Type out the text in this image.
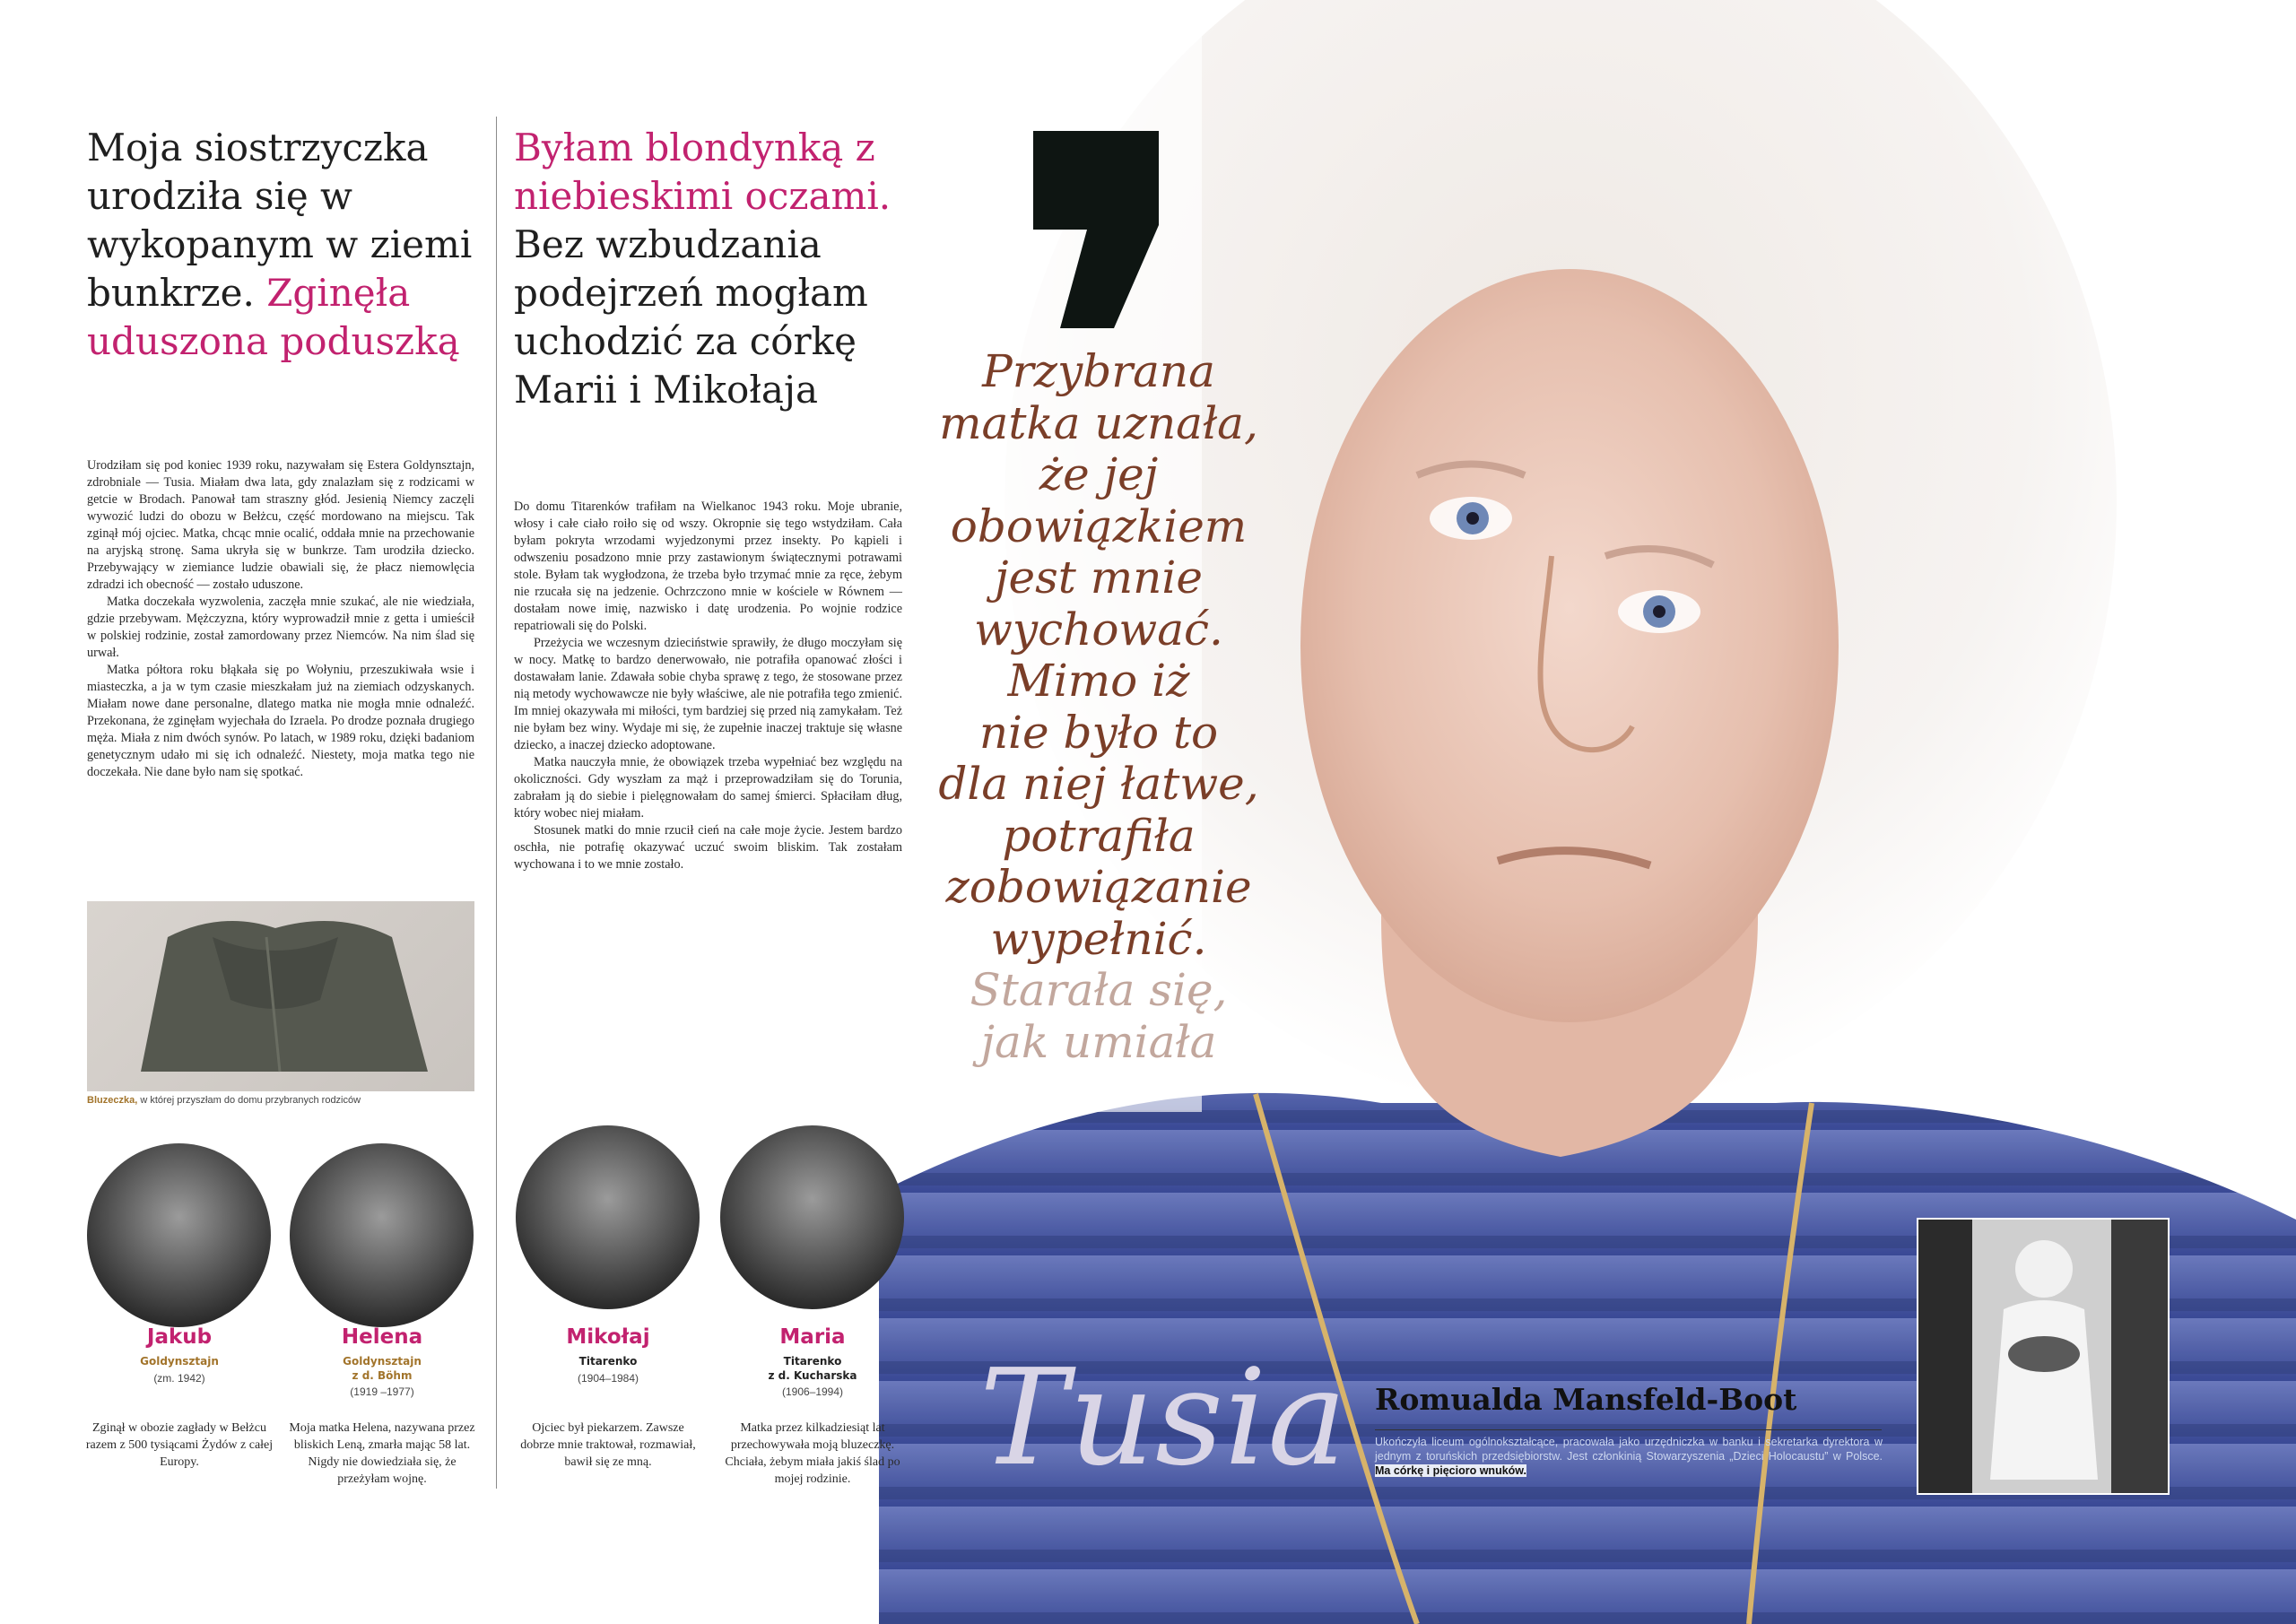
Moja siostrzyczka urodziła się w wykopanym w ziemi bunkrze. Zginęła uduszona poduszką

Urodziłam się pod koniec 1939 roku, nazywałam się Estera Goldynsztajn, zdrobniale — Tusia. Miałam dwa lata, gdy znalazłam się z rodzicami w getcie w Brodach. Panował tam straszny głód. Jesienią Niemcy zaczęli wywozić ludzi do obozu w Bełżcu, część mordowano na miejscu. Tak zginął mój ojciec. Matka, chcąc mnie ocalić, oddała mnie na przechowanie na aryjską stronę. Sama ukryła się w bunkrze. Tam urodziła dziecko. Przebywający w ziemiance ludzie obawiali się, że płacz niemowlęcia zdradzi ich obecność — zostało uduszone.

Matka doczekała wyzwolenia, zaczęła mnie szukać, ale nie wiedziała, gdzie przebywam. Mężczyzna, który wyprowadził mnie z getta i umieścił w polskiej rodzinie, został zamordowany przez Niemców. Na nim ślad się urwał.

Matka półtora roku błąkała się po Wołyniu, przeszukiwała wsie i miasteczka, a ja w tym czasie mieszkałam już na ziemiach odzyskanych. Miałam nowe dane personalne, dlatego matka nie mogła mnie odnaleźć. Przekonana, że zginęłam wyjechała do Izraela. Po drodze poznała drugiego męża. Miała z nim dwóch synów. Po latach, w 1989 roku, dzięki badaniom genetycznym udało mi się ich odnaleźć. Niestety, moja matka tego nie doczekała. Nie dane było nam się spotkać.

Bluzeczka, w której przyszłam do domu przybranych rodziców
Byłam blondynką z niebieskimi oczami. Bez wzbudzania podejrzeń mogłam uchodzić za córkę Marii i Mikołaja

Do domu Titarenków trafiłam na Wielkanoc 1943 roku. Moje ubranie, włosy i całe ciało roiło się od wszy. Okropnie się tego wstydziłam. Cała byłam pokryta wrzodami wyjedzonymi przez insekty. Po kąpieli i odwszeniu posadzono mnie przy zastawionym świątecznymi potrawami stole. Byłam tak wygłodzona, że trzeba było trzymać mnie za ręce, żebym nie rzucała się na jedzenie. Ochrzczono mnie w kościele w Równem — dostałam nowe imię, nazwisko i datę urodzenia. Po wojnie rodzice repatriowali się do Polski.

Przeżycia we wczesnym dzieciństwie sprawiły, że długo moczyłam się w nocy. Matkę to bardzo denerwowało, nie potrafiła opanować złości i dostawałam lanie. Zdawała sobie chyba sprawę z tego, że stosowane przez nią metody wychowawcze nie były właściwe, ale nie potrafiła tego zmienić. Im mniej okazywała mi miłości, tym bardziej się przed nią zamykałam. Też nie byłam bez winy. Wydaje mi się, że zupełnie inaczej traktuje się własne dziecko, a inaczej dziecko adoptowane.

Matka nauczyła mnie, że obowiązek trzeba wypełniać bez względu na okoliczności. Gdy wyszłam za mąż i przeprowadziłam się do Torunia, zabrałam ją do siebie i pielęgnowałam do samej śmierci. Spłaciłam dług, który wobec niej miałam.

Stosunek matki do mnie rzucił cień na całe moje życie. Jestem bardzo oschła, nie potrafię okazywać uczuć swoim bliskim. Tak zostałam wychowana i to we mnie zostało.

Jakub
Goldynsztajn
(zm. 1942)
Zginął w obozie zagłady w Bełżcu razem z 500 tysiącami Żydów z całej Europy.
Helena
Goldynsztajn
z d. Böhm
(1919 –1977)
Moja matka Helena, nazywana przez bliskich Leną, zmarła mając 58 lat. Nigdy nie dowiedziała się, że przeżyłam wojnę.
Mikołaj
Titarenko
(1904–1984)
Ojciec był piekarzem. Zawsze dobrze mnie traktował, rozmawiał, bawił się ze mną.
Maria
Titarenko
z d. Kucharska
(1906–1994)
Matka przez kilkadziesiąt lat przechowywała moją bluzeczkę. Chciała, żebym miała jakiś ślad po mojej rodzinie.
Przybrana
matka uznała,
że jej
obowiązkiem
jest mnie
wychować.
Mimo iż
nie było to
dla niej łatwe,
potrafiła
zobowiązanie
wypełnić.
Starała się,
jak umiała
Tusia Romualda Mansfeld-Boot
Ukończyła liceum ogólnokształcące, pracowała jako urzędniczka w banku i sekretarka dyrektora w jednym z toruńskich przedsiębiorstw. Jest członkinią Stowarzyszenia „Dzieci Holocaustu” w Polsce. Ma córkę i pięcioro wnuków.
